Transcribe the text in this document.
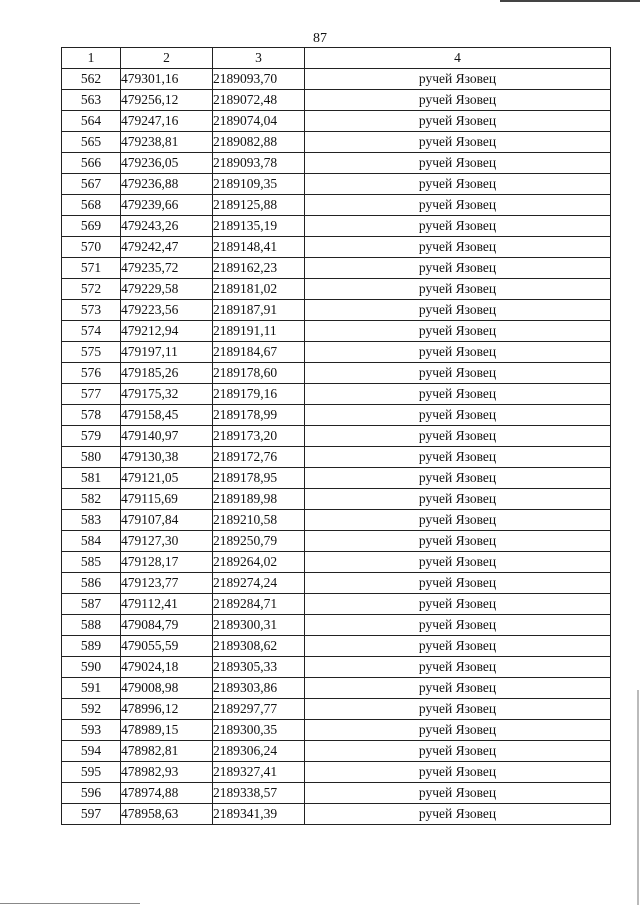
87
1	2	3	4
562	479301,16	2189093,70	ручей Язовец
563	479256,12	2189072,48	ручей Язовец
564	479247,16	2189074,04	ручей Язовец
565	479238,81	2189082,88	ручей Язовец
566	479236,05	2189093,78	ручей Язовец
567	479236,88	2189109,35	ручей Язовец
568	479239,66	2189125,88	ручей Язовец
569	479243,26	2189135,19	ручей Язовец
570	479242,47	2189148,41	ручей Язовец
571	479235,72	2189162,23	ручей Язовец
572	479229,58	2189181,02	ручей Язовец
573	479223,56	2189187,91	ручей Язовец
574	479212,94	2189191,11	ручей Язовец
575	479197,11	2189184,67	ручей Язовец
576	479185,26	2189178,60	ручей Язовец
577	479175,32	2189179,16	ручей Язовец
578	479158,45	2189178,99	ручей Язовец
579	479140,97	2189173,20	ручей Язовец
580	479130,38	2189172,76	ручей Язовец
581	479121,05	2189178,95	ручей Язовец
582	479115,69	2189189,98	ручей Язовец
583	479107,84	2189210,58	ручей Язовец
584	479127,30	2189250,79	ручей Язовец
585	479128,17	2189264,02	ручей Язовец
586	479123,77	2189274,24	ручей Язовец
587	479112,41	2189284,71	ручей Язовец
588	479084,79	2189300,31	ручей Язовец
589	479055,59	2189308,62	ручей Язовец
590	479024,18	2189305,33	ручей Язовец
591	479008,98	2189303,86	ручей Язовец
592	478996,12	2189297,77	ручей Язовец
593	478989,15	2189300,35	ручей Язовец
594	478982,81	2189306,24	ручей Язовец
595	478982,93	2189327,41	ручей Язовец
596	478974,88	2189338,57	ручей Язовец
597	478958,63	2189341,39	ручей Язовец
